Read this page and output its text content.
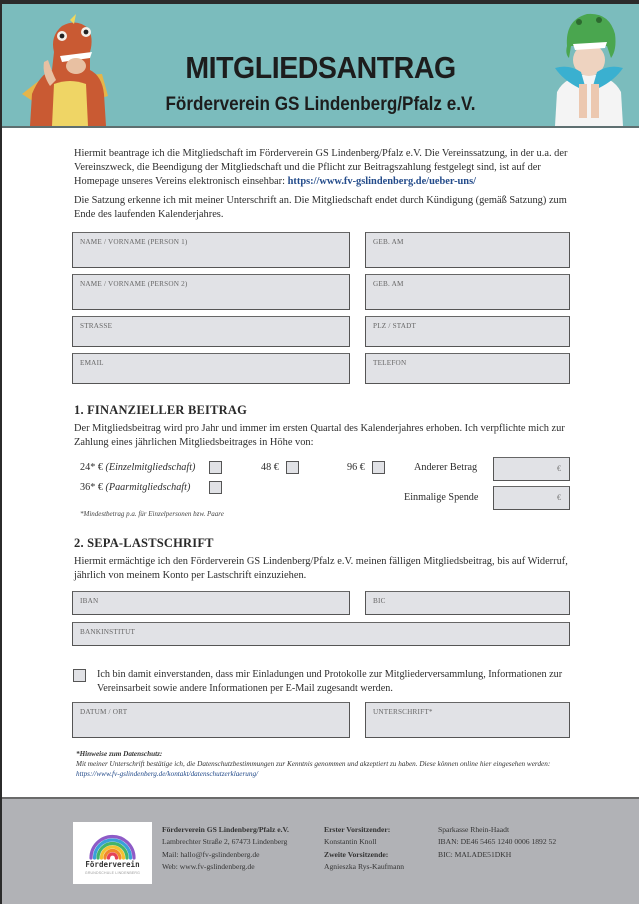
MITGLIEDSANTRAG
Förderverein GS Lindenberg/Pfalz e.V.

Hiermit beantrage ich die Mitgliedschaft im Förderverein GS Lindenberg/Pfalz e.V. Die Vereinssatzung, in der u.a. der Vereinszweck, die Beendigung der Mitgliedschaft und die Pflicht zur Beitragszahlung festgelegt sind, ist auf der Homepage unseres Vereins elektronisch einsehbar: https://www.fv-gslindenberg.de/ueber-uns/

Die Satzung erkenne ich mit meiner Unterschrift an. Die Mitgliedschaft endet durch Kündigung (gemäß Satzung) zum Ende des laufenden Kalenderjahres.

NAME / VORNAME (PERSON 1)	GEB. AM
NAME / VORNAME (PERSON 2)	GEB. AM
STRASSE	PLZ / STADT
EMAIL	TELEFON
1. FINANZIELLER BEITRAG
Der Mitgliedsbeitrag wird pro Jahr und immer im ersten Quartal des Kalenderjahres erhoben. Ich verpflichte mich zur Zahlung eines jährlichen Mitgliedsbeitrages in Höhe von:
24* € (Einzelmitgliedschaft)	48 €	96 €	Anderer Betrag	€
36* € (Paarmitgliedschaft)
Einmalige Spende	€
*Mindestbetrag p.a. für Einzelpersonen bzw. Paare
2. SEPA-LASTSCHRIFT
Hiermit ermächtige ich den Förderverein GS Lindenberg/Pfalz e.V. meinen fälligen Mitgliedsbeitrag, bis auf Widerruf, jährlich von meinem Konto per Lastschrift einzuziehen.
IBAN	BIC
BANKINSTITUT
Ich bin damit einverstanden, dass mir Einladungen und Protokolle zur Mitgliederversammlung, Informationen zur Vereinsarbeit sowie andere Informationen per E-Mail zugesandt werden.
DATUM / ORT	UNTERSCHRIFT*
*Hinweise zum Datenschutz:
Mit meiner Unterschrift bestätige ich, die Datenschutzbestimmungen zur Kenntnis genommen und akzeptiert zu haben. Diese können online hier eingesehen werden: https://www.fv-gslindenberg.de/kontakt/datenschutzerklaerung/
Förderverein
GRUNDSCHULE LINDENBERG
Förderverein GS Lindenberg/Pfalz e.V.
Lambrechter Straße 2, 67473 Lindenberg
Mail: hallo@fv-gslindenberg.de
Web: www.fv-gslindenberg.de
Erster Vorsitzender:
Konstantin Knoll
Zweite Vorsitzende:
Agnieszka Rys-Kaufmann
Sparkasse Rhein-Haadt
IBAN: DE46 5465 1240 0006 1892 52
BIC: MALADE51DKH
